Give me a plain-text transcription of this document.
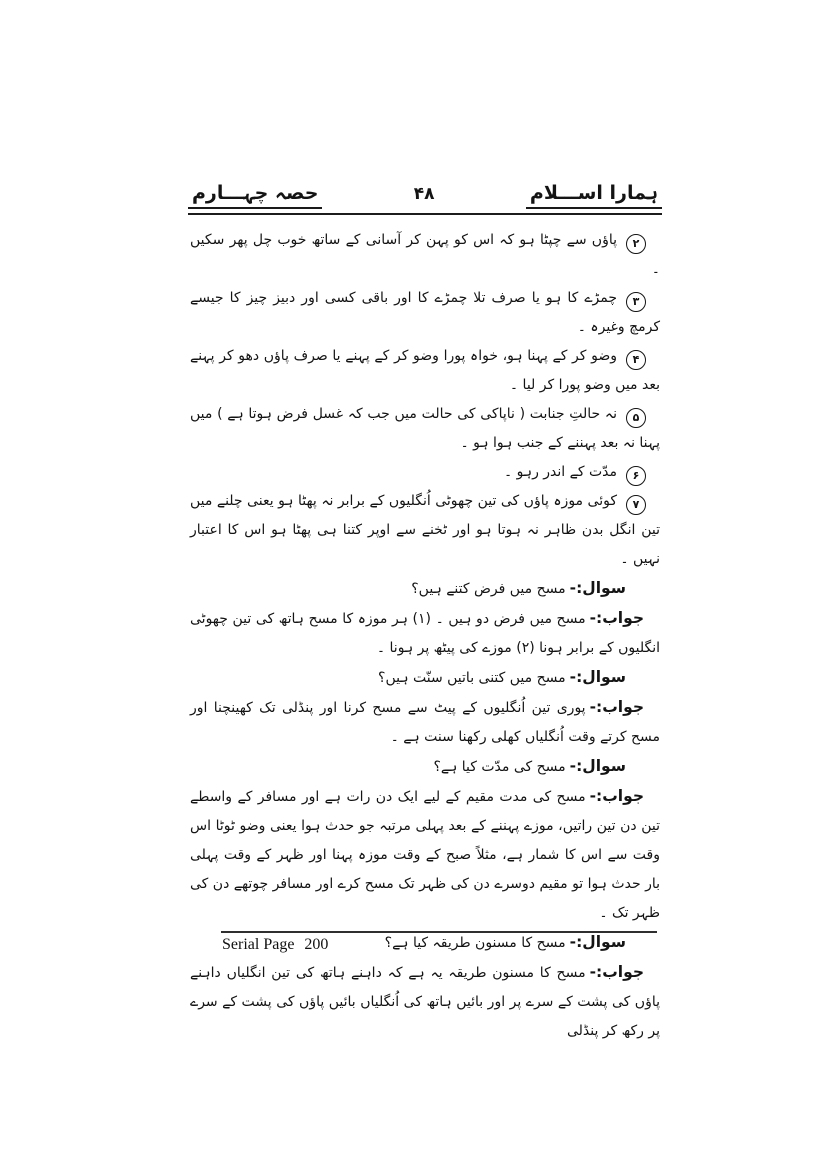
ہمارا اســـلام
۴۸
حصہ چہـــارم

۲پاؤں سے چپٹا ہو کہ اس کو پہن کر آسانی کے ساتھ خوب چل پھر سکیں ۔

۳چمڑے کا ہو یا صرف تلا چمڑے کا اور باقی کسی اور دبیز چیز کا جیسے کرمچ وغیرہ ۔

۴وضو کر کے پہنا ہو، خواہ پورا وضو کر کے پہنے یا صرف پاؤں دھو کر پہنے بعد میں وضو پورا کر لیا ۔

۵نہ حالتِ جنابت ( ناپاکی کی حالت میں جب کہ غسل فرض ہوتا ہے ) میں پہنا نہ بعد پہننے کے جنب ہوا ہو ۔

۶مدّت کے اندر رہو ۔

۷کوئی موزہ پاؤں کی تین چھوٹی اُنگلیوں کے برابر نہ پھٹا ہو یعنی چلنے میں تین انگل بدن ظاہر نہ ہوتا ہو اور ٹخنے سے اوپر کتنا ہی پھٹا ہو اس کا اعتبار نہیں ۔

سوال:-مسح میں فرض کتنے ہیں؟

جواب:-مسح میں فرض دو ہیں ۔ (۱) ہر موزہ کا مسح ہاتھ کی تین چھوٹی انگلیوں کے برابر ہونا (۲) موزے کی پیٹھ پر ہونا ۔

سوال:-مسح میں کتنی باتیں سنّت ہیں؟

جواب:-پوری تین اُنگلیوں کے پیٹ سے مسح کرنا اور پنڈلی تک کھینچنا اور مسح کرتے وقت اُنگلیاں کھلی رکھنا سنت ہے ۔

سوال:-مسح کی مدّت کیا ہے؟

جواب:-مسح کی مدت مقیم کے لیے ایک دن رات ہے اور مسافر کے واسطے تین دن تین راتیں، موزے پہننے کے بعد پہلی مرتبہ جو حدث ہوا یعنی وضو ٹوٹا اس وقت سے اس کا شمار ہے، مثلاً صبح کے وقت موزہ پہنا اور ظہر کے وقت پہلی بار حدث ہوا تو مقیم دوسرے دن کی ظہر تک مسح کرے اور مسافر چوتھے دن کی ظہر تک ۔

سوال:-مسح کا مسنون طریقہ کیا ہے؟

جواب:-مسح کا مسنون طریقہ یہ ہے کہ داہنے ہاتھ کی تین انگلیاں داہنے پاؤں کی پشت کے سرے پر اور بائیں ہاتھ کی اُنگلیاں بائیں پاؤں کی پشت کے سرے پر رکھ کر پنڈلی

Serial Page 200
